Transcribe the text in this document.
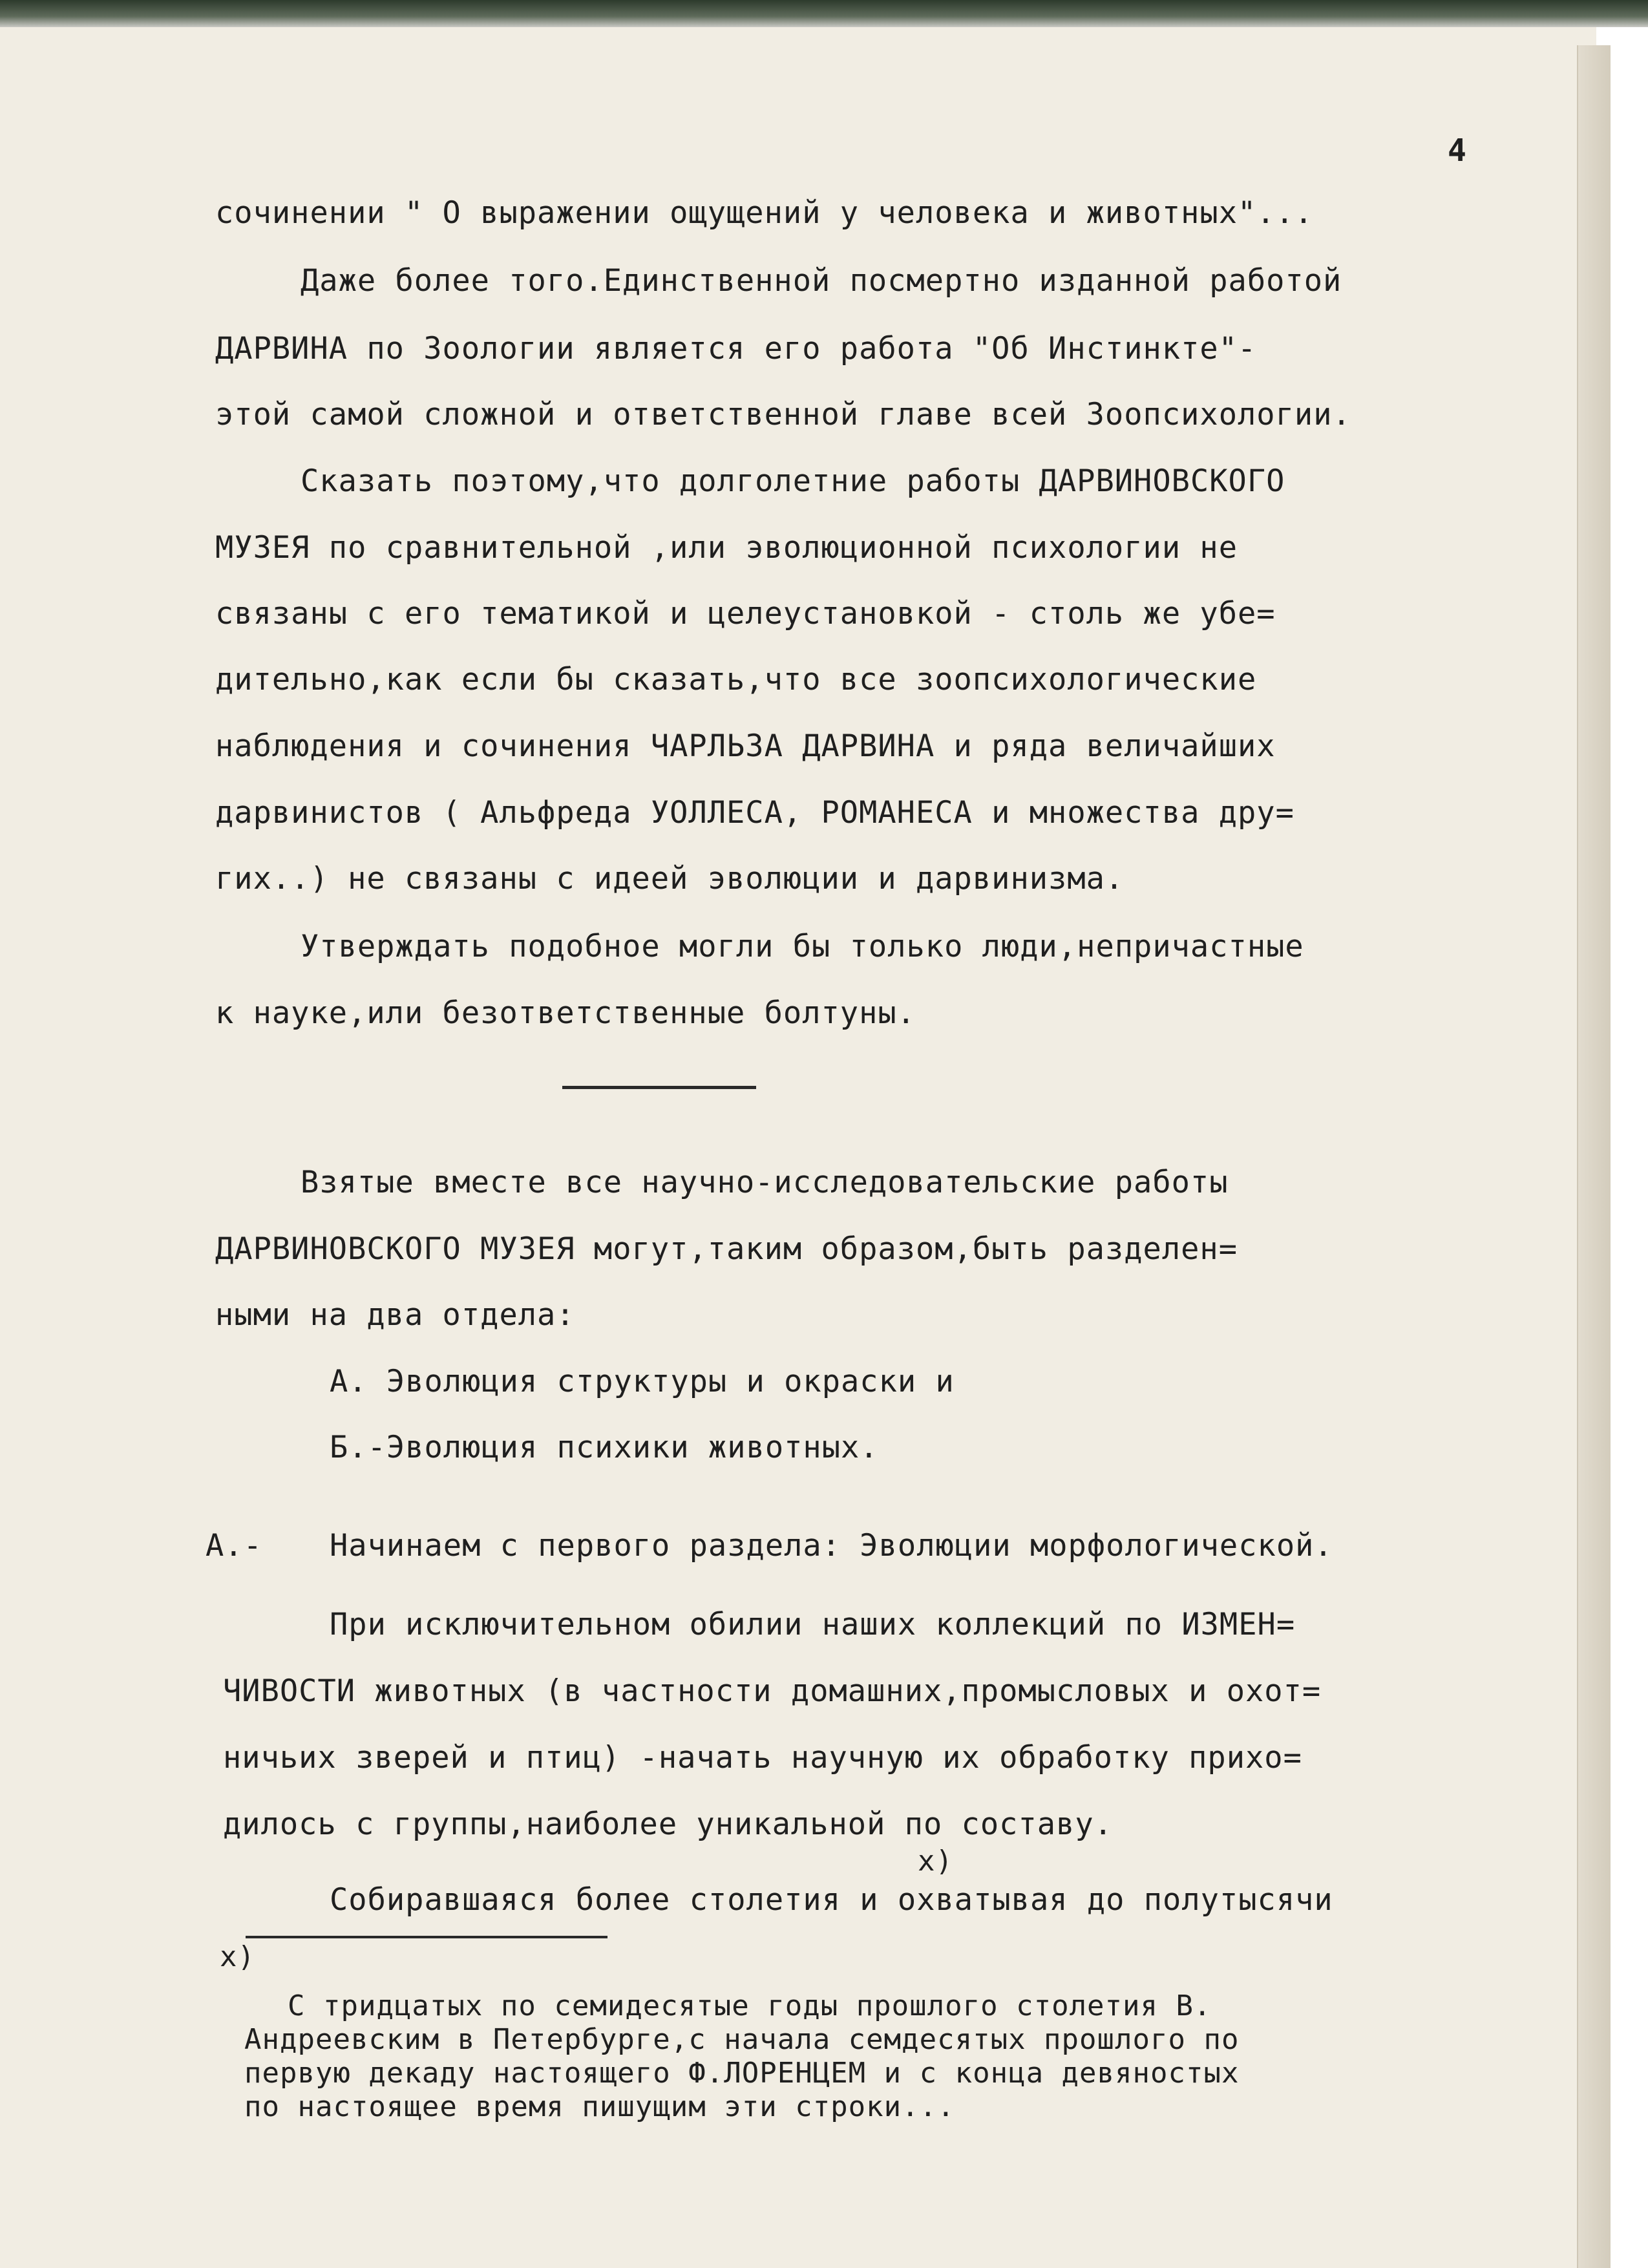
4
сочинении " О выражении ощущений у человека и животных"...
Даже более того.Единственной посмертно изданной работой
ДАРВИНА по Зоологии является его работа "Об Инстинкте"-
этой самой сложной и ответственной главе всей Зоопсихологии.
Сказать поэтому,что долголетние работы ДАРВИНОВСКОГО
МУЗЕЯ по сравнительной ,или эволюционной психологии не
связаны с его тематикой и целеустановкой - столь же убе=
дительно,как если бы сказать,что все зоопсихологические
наблюдения и сочинения ЧАРЛЬЗА ДАРВИНА и ряда величайших
дарвинистов ( Альфреда УОЛЛЕСА, РОМАНЕСА и множества дру=
гих..) не связаны с идеей эволюции и дарвинизма.
Утверждать подобное могли бы только люди,непричастные
к науке,или безответственные болтуны.
Взятые вместе все научно-исследовательские работы
ДАРВИНОВСКОГО МУЗЕЯ могут,таким образом,быть разделен=
ными на два отдела:
А. Эволюция структуры и окраски и
Б.-Эволюция психики животных.
А.- Начинаем с первого раздела: Эволюции морфологической.
При исключительном обилии наших коллекций по ИЗМЕН=
ЧИВОСТИ животных (в частности домашних,промысловых и охот=
ничьих зверей и птиц) -начать научную их обработку прихо=
дилось с группы,наиболее уникальной по составу.
х)
Собиравшаяся более столетия и охватывая до полутысячи
х)
С тридцатых по семидесятые годы прошлого столетия В.
Андреевским в Петербурге,с начала семдесятых прошлого по
первую декаду настоящего Ф.ЛОРЕНЦЕМ и с конца девяностых
по настоящее время пишущим эти строки...
